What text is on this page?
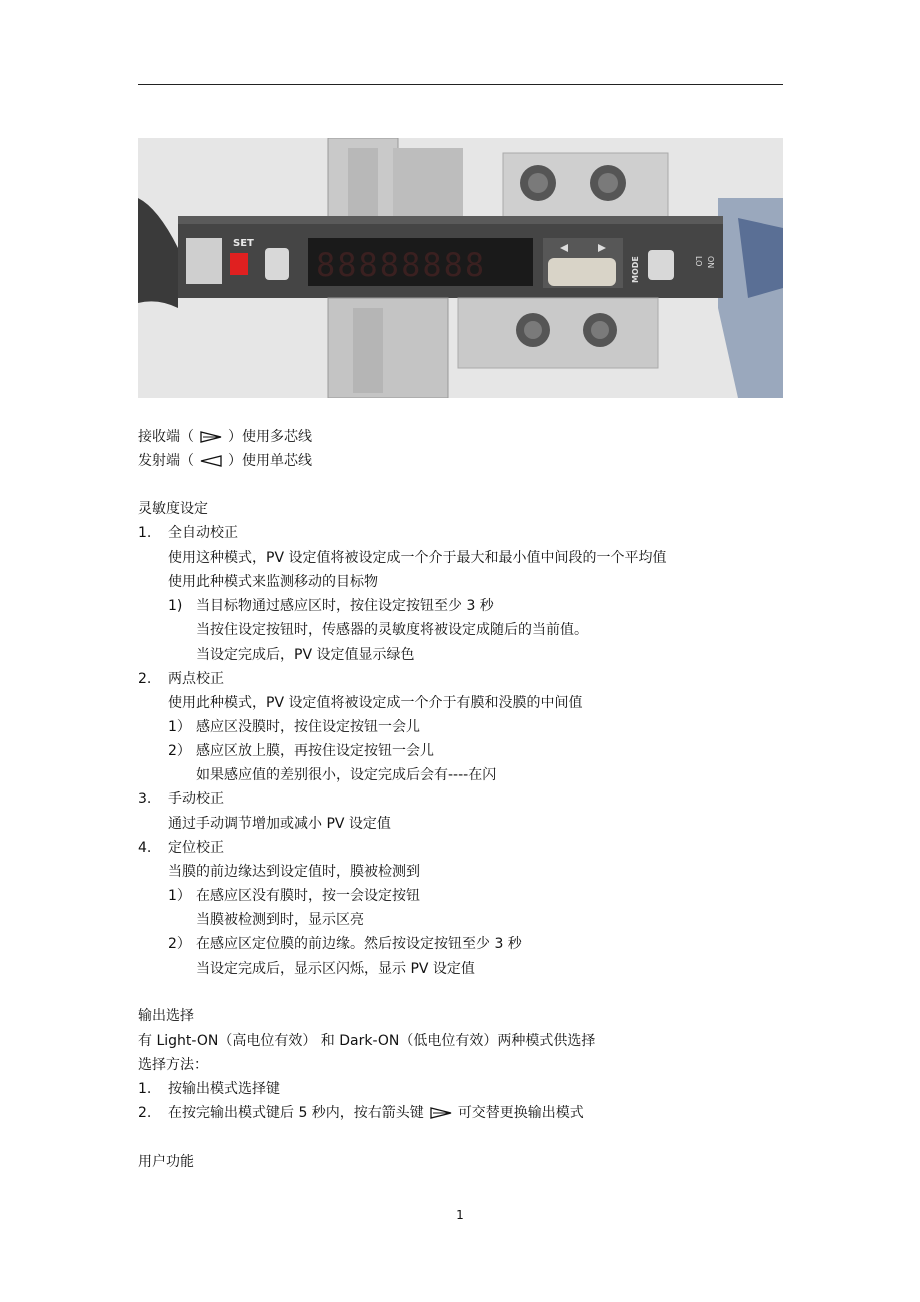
SET
88888888	MODE	LO ON
接收端（ ）使用多芯线
发射端（ ）使用单芯线
灵敏度设定
1. 全自动校正
使用这种模式，PV 设定值将被设定成一个介于最大和最小值中间段的一个平均值
使用此种模式来监测移动的目标物
1) 当目标物通过感应区时，按住设定按钮至少 3 秒
当按住设定按钮时，传感器的灵敏度将被设定成随后的当前值。
当设定完成后，PV 设定值显示绿色
2. 两点校正
使用此种模式，PV 设定值将被设定成一个介于有膜和没膜的中间值
1） 感应区没膜时，按住设定按钮一会儿
2） 感应区放上膜，再按住设定按钮一会儿
如果感应值的差别很小，设定完成后会有----在闪
3. 手动校正
通过手动调节增加或减小 PV 设定值
4. 定位校正
当膜的前边缘达到设定值时，膜被检测到
1） 在感应区没有膜时，按一会设定按钮
当膜被检测到时，显示区亮
2） 在感应区定位膜的前边缘。然后按设定按钮至少 3 秒
当设定完成后，显示区闪烁，显示 PV 设定值
输出选择
有 Light-ON（高电位有效） 和 Dark-ON（低电位有效）两种模式供选择
选择方法：
1. 按输出模式选择键
2. 在按完输出模式键后 5 秒内，按右箭头键 可交替更换输出模式
用户功能
1
